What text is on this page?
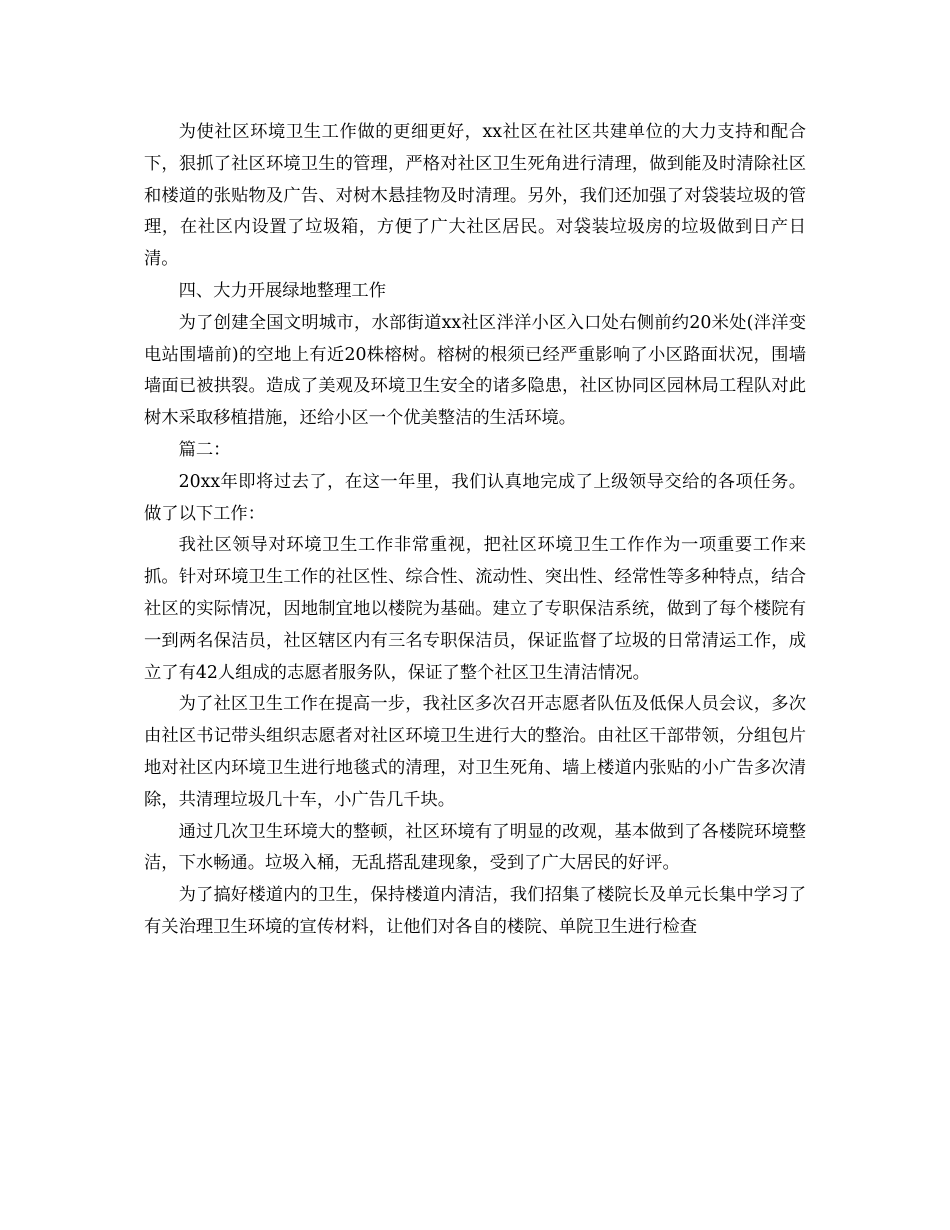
为使社区环境卫生工作做的更细更好，xx社区在社区共建单位的大力支持和配合下，狠抓了社区环境卫生的管理，严格对社区卫生死角进行清理，做到能及时清除社区和楼道的张贴物及广告、对树木悬挂物及时清理。另外，我们还加强了对袋装垃圾的管理，在社区内设置了垃圾箱，方便了广大社区居民。对袋装垃圾房的垃圾做到日产日清。

四、大力开展绿地整理工作

为了创建全国文明城市，水部街道xx社区泮洋小区入口处右侧前约20米处(泮洋变电站围墙前)的空地上有近20株榕树。榕树的根须已经严重影响了小区路面状况，围墙墙面已被拱裂。造成了美观及环境卫生安全的诸多隐患，社区协同区园林局工程队对此树木采取移植措施，还给小区一个优美整洁的生活环境。

篇二：

20xx年即将过去了，在这一年里，我们认真地完成了上级领导交给的各项任务。做了以下工作：

我社区领导对环境卫生工作非常重视，把社区环境卫生工作作为一项重要工作来抓。针对环境卫生工作的社区性、综合性、流动性、突出性、经常性等多种特点，结合社区的实际情况，因地制宜地以楼院为基础。建立了专职保洁系统，做到了每个楼院有一到两名保洁员，社区辖区内有三名专职保洁员，保证监督了垃圾的日常清运工作，成立了有42人组成的志愿者服务队，保证了整个社区卫生清洁情况。

为了社区卫生工作在提高一步，我社区多次召开志愿者队伍及低保人员会议，多次由社区书记带头组织志愿者对社区环境卫生进行大的整治。由社区干部带领，分组包片地对社区内环境卫生进行地毯式的清理，对卫生死角、墙上楼道内张贴的小广告多次清除，共清理垃圾几十车，小广告几千块。

通过几次卫生环境大的整顿，社区环境有了明显的改观，基本做到了各楼院环境整洁，下水畅通。垃圾入桶，无乱搭乱建现象，受到了广大居民的好评。

为了搞好楼道内的卫生，保持楼道内清洁，我们招集了楼院长及单元长集中学习了有关治理卫生环境的宣传材料，让他们对各自的楼院、单院卫生进行检查
